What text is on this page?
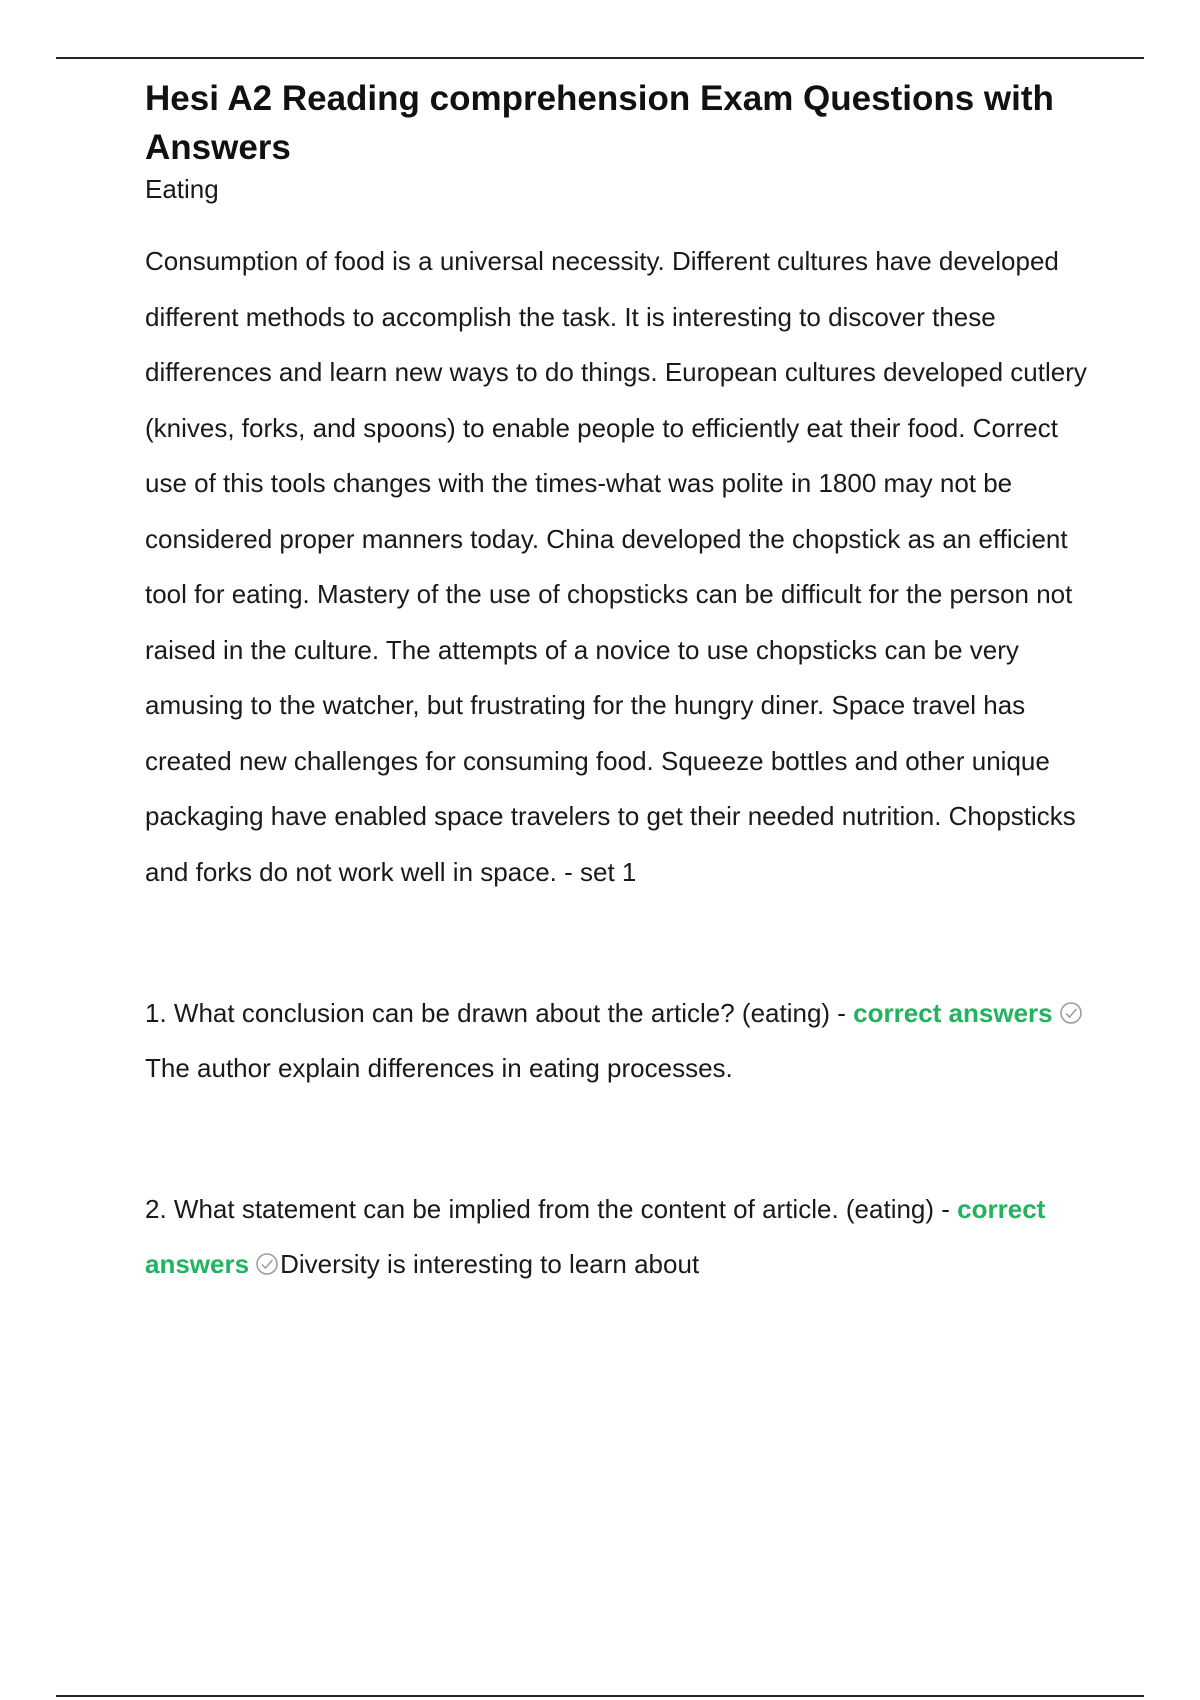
Hesi A2 Reading comprehension Exam Questions with Answers
Eating

Consumption of food is a universal necessity. Different cultures have developed different methods to accomplish the task. It is interesting to discover these differences and learn new ways to do things. European cultures developed cutlery (knives, forks, and spoons) to enable people to efficiently eat their food. Correct use of this tools changes with the times-what was polite in 1800 may not be considered proper manners today. China developed the chopstick as an efficient tool for eating. Mastery of the use of chopsticks can be difficult for the person not raised in the culture. The attempts of a novice to use chopsticks can be very amusing to the watcher, but frustrating for the hungry diner. Space travel has created new challenges for consuming food. Squeeze bottles and other unique packaging have enabled space travelers to get their needed nutrition. Chopsticks and forks do not work well in space. - set 1

1. What conclusion can be drawn about the article? (eating) - correct answersThe author explain differences in eating processes.
2. What statement can be implied from the content of article. (eating) - correct answers Diversity is interesting to learn about
